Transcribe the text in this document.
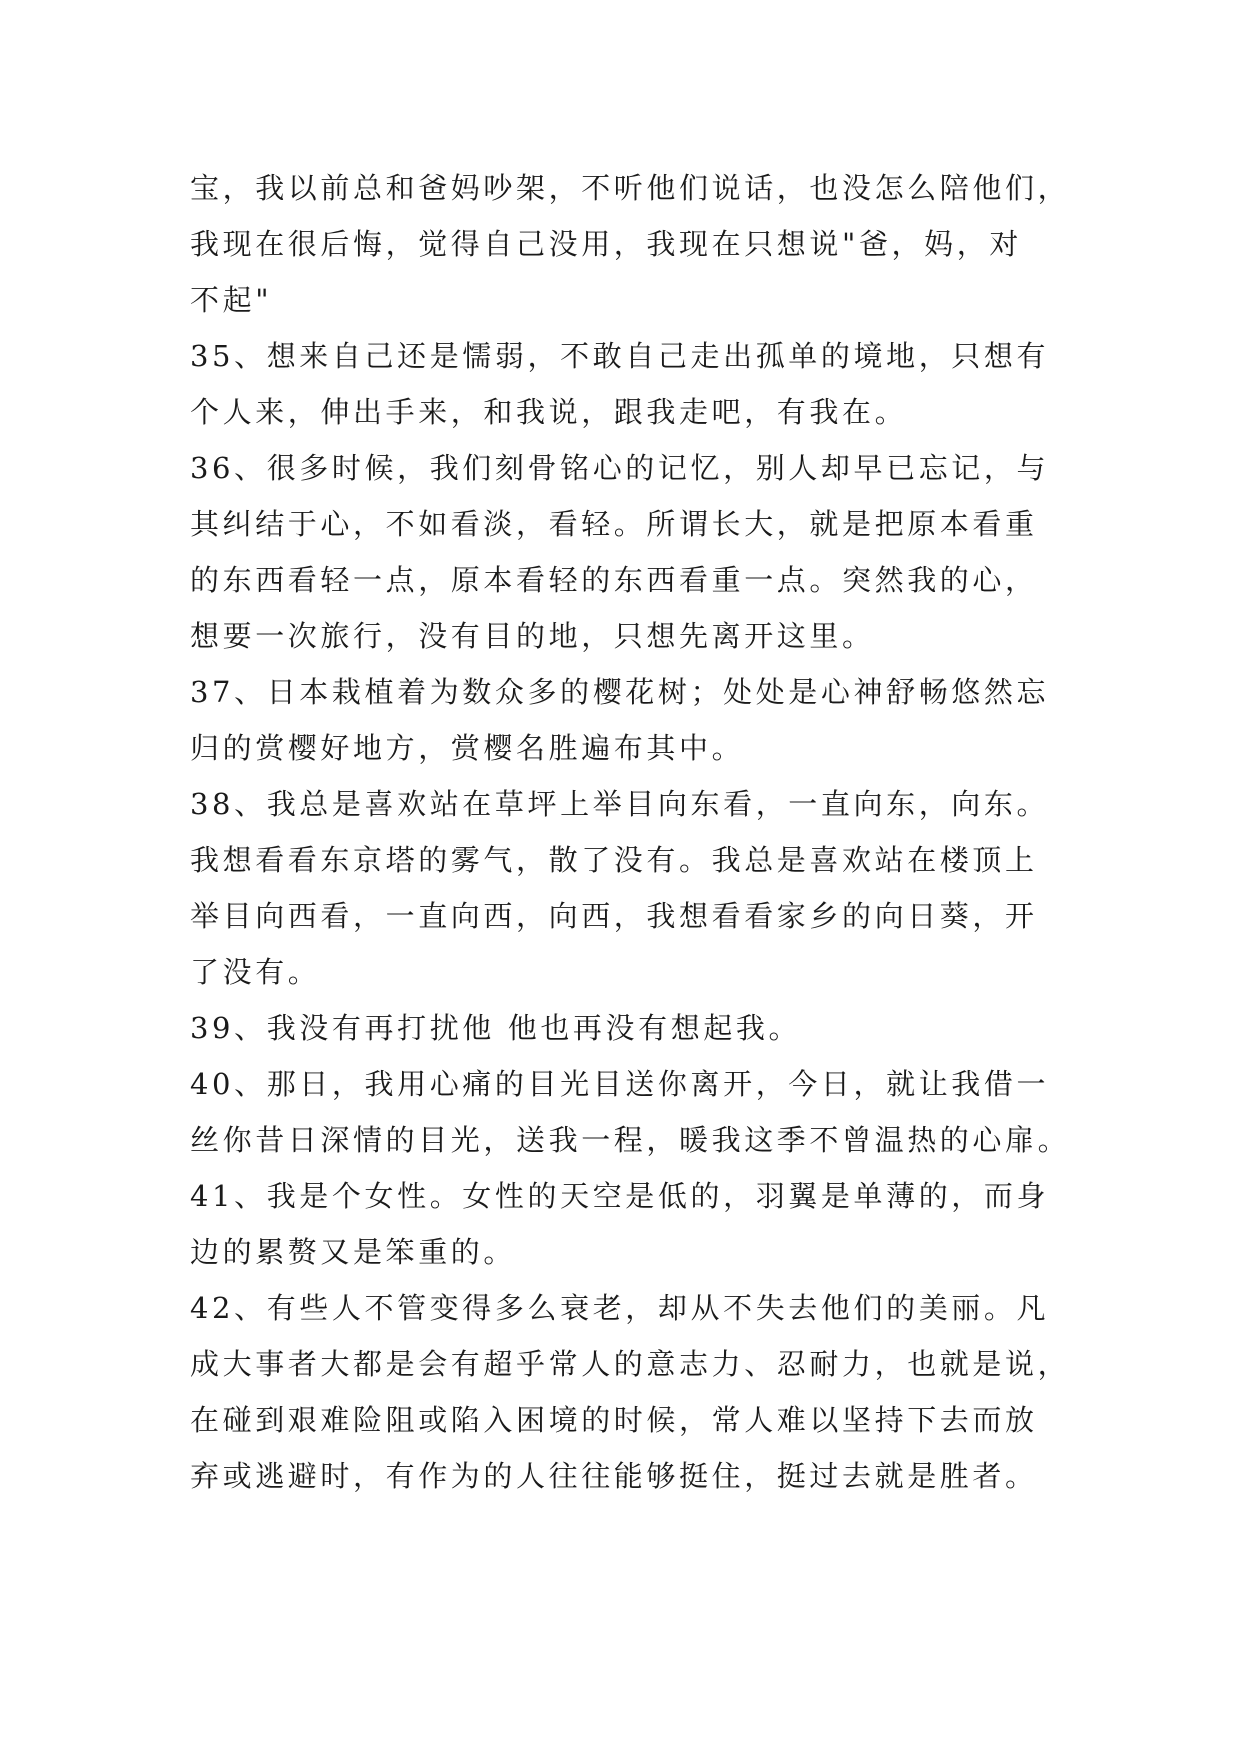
宝，我以前总和爸妈吵架，不听他们说话，也没怎么陪他们，
我现在很后悔，觉得自己没用，我现在只想说"爸，妈，对
不起"
35、想来自己还是懦弱，不敢自己走出孤单的境地，只想有
个人来，伸出手来，和我说，跟我走吧，有我在。
36、很多时候，我们刻骨铭心的记忆，别人却早已忘记，与
其纠结于心，不如看淡，看轻。所谓长大，就是把原本看重
的东西看轻一点，原本看轻的东西看重一点。突然我的心，
想要一次旅行，没有目的地，只想先离开这里。
37、日本栽植着为数众多的樱花树；处处是心神舒畅悠然忘
归的赏樱好地方，赏樱名胜遍布其中。
38、我总是喜欢站在草坪上举目向东看，一直向东，向东。
我想看看东京塔的雾气，散了没有。我总是喜欢站在楼顶上
举目向西看，一直向西，向西，我想看看家乡的向日葵，开
了没有。
39、我没有再打扰他 他也再没有想起我。
40、那日，我用心痛的目光目送你离开，今日，就让我借一
丝你昔日深情的目光，送我一程，暖我这季不曾温热的心扉。
41、我是个女性。女性的天空是低的，羽翼是单薄的，而身
边的累赘又是笨重的。
42、有些人不管变得多么衰老，却从不失去他们的美丽。凡
成大事者大都是会有超乎常人的意志力、忍耐力，也就是说，
在碰到艰难险阻或陷入困境的时候，常人难以坚持下去而放
弃或逃避时，有作为的人往往能够挺住，挺过去就是胜者。
